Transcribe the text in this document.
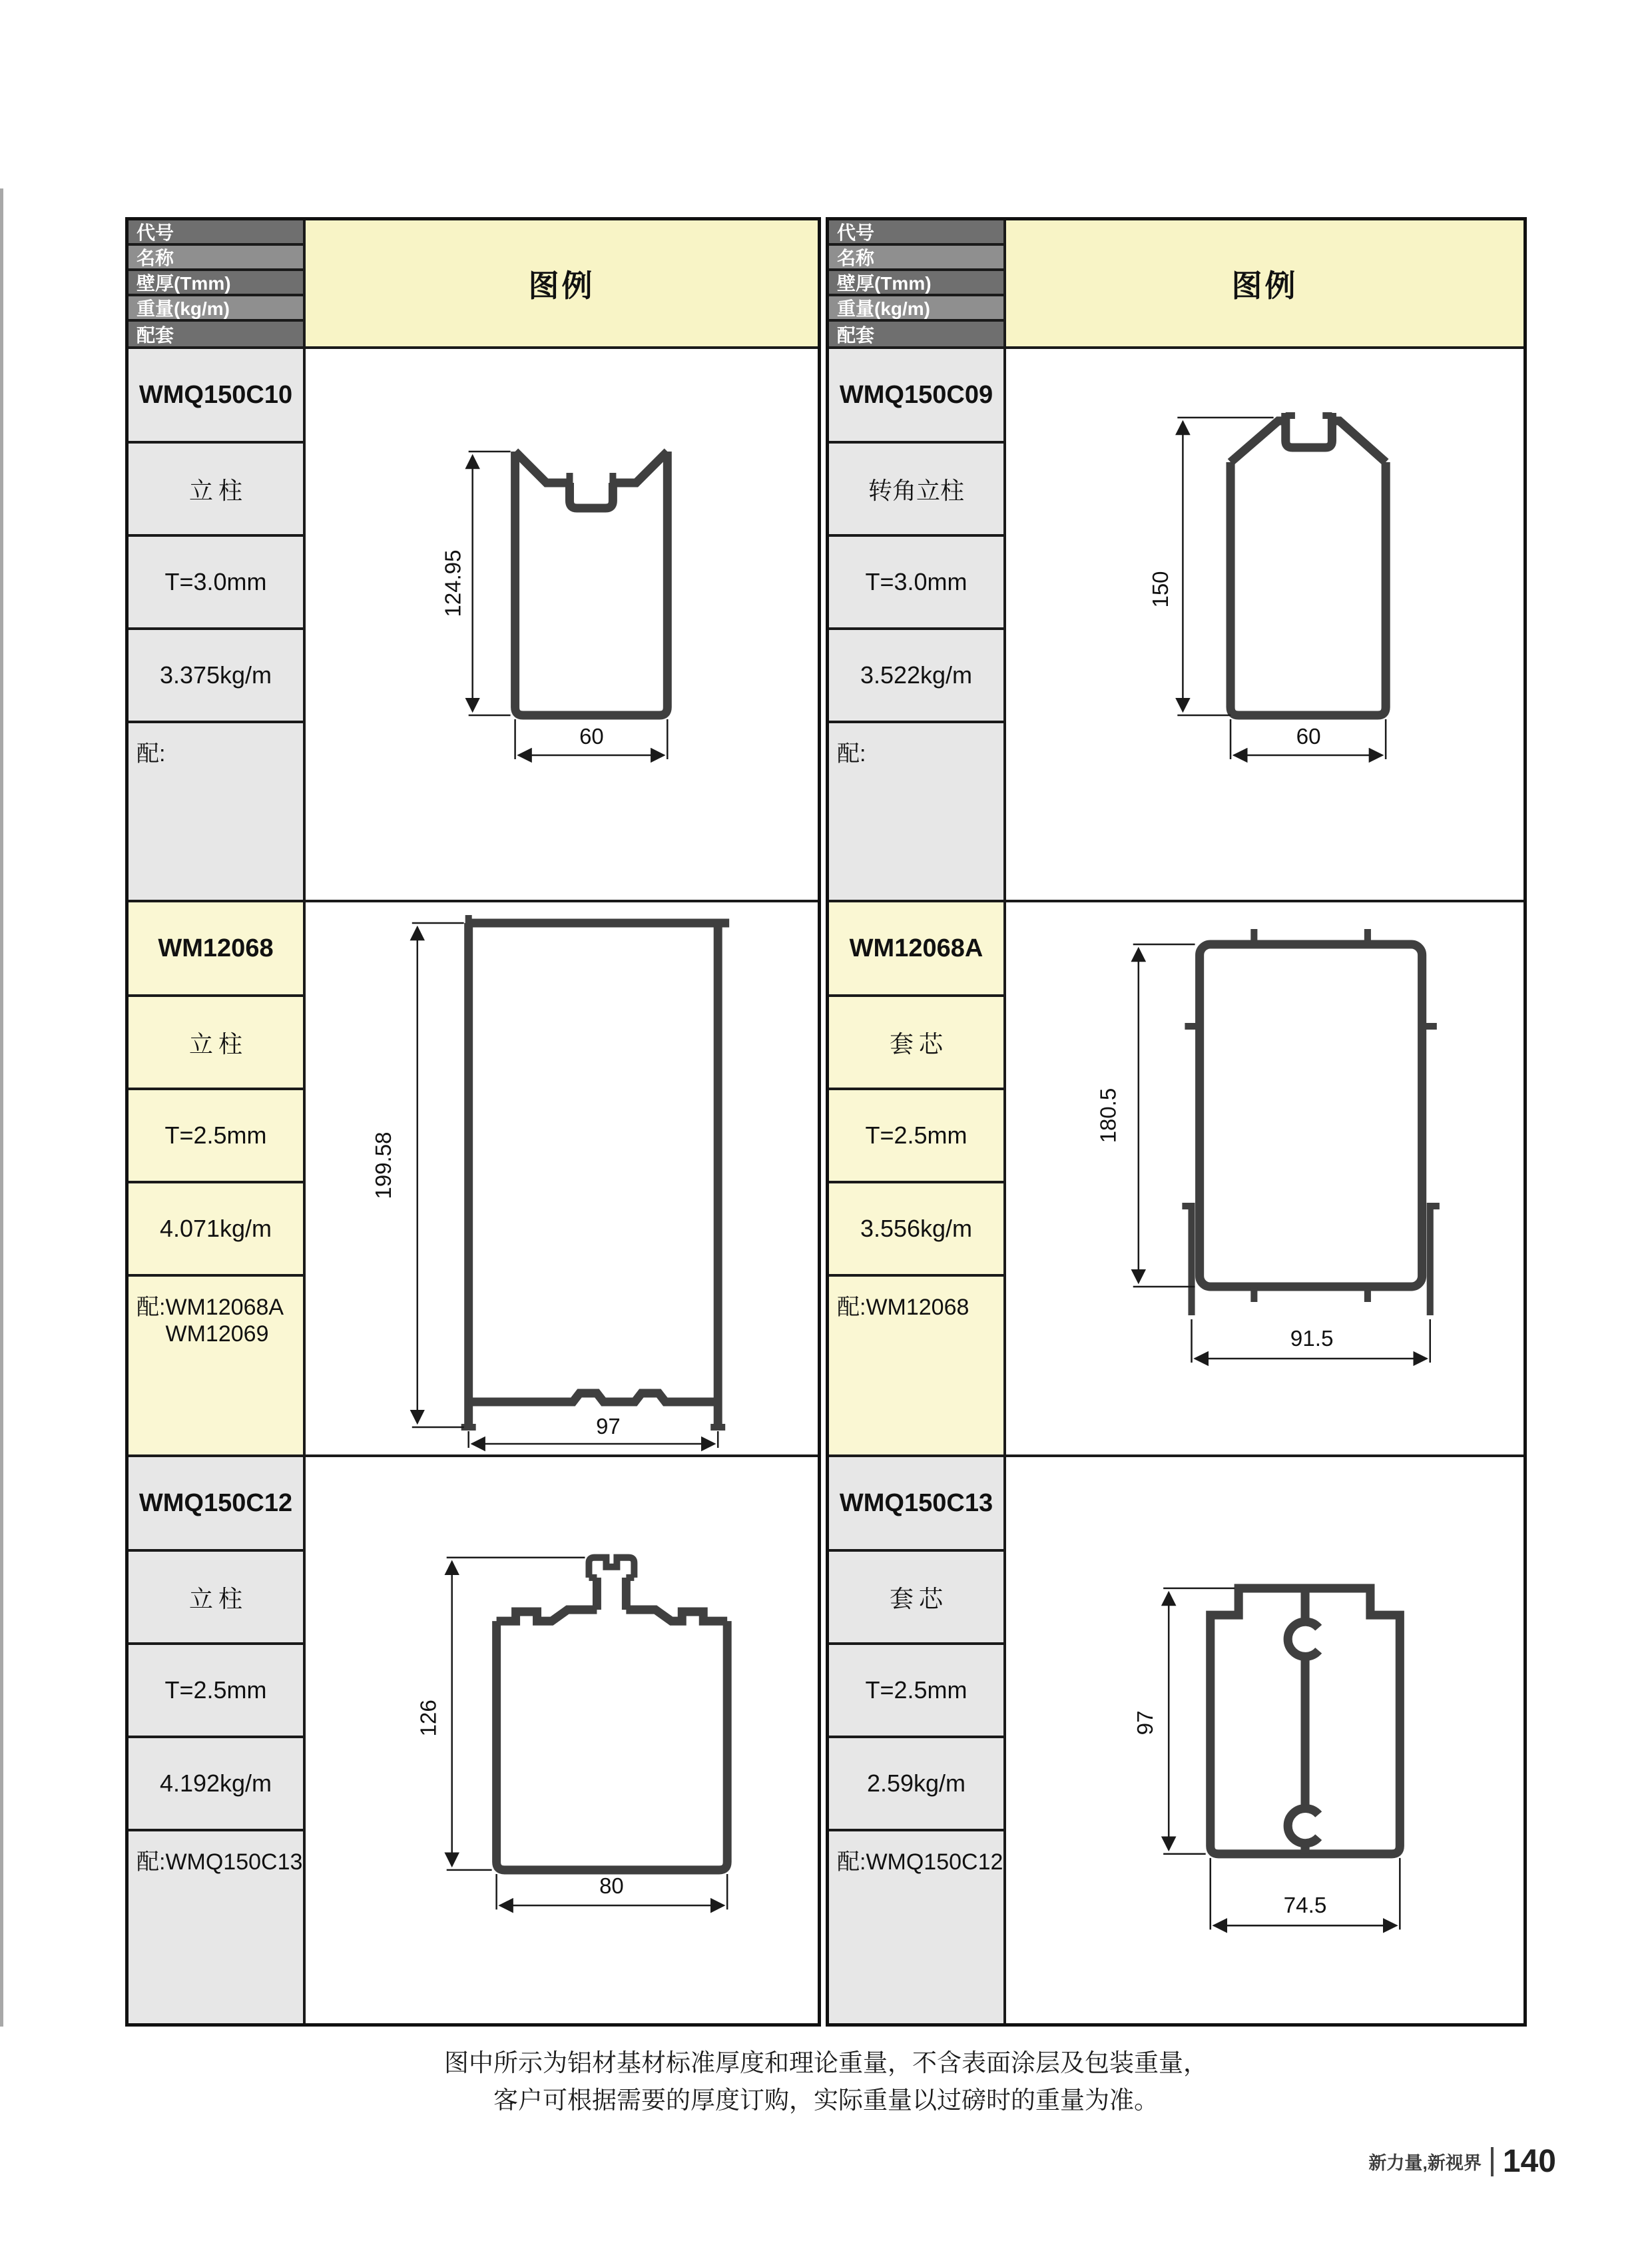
代号
名称
壁厚(Tmm)
重量(kg/m)
配套
图例
WMQ150C10
立柱
T=3.0mm
3.375kg/m
配:
124.95
60
WM12068
立柱
T=2.5mm
4.071kg/m
配:WM12068A
WM12069
199.58
97
WMQ150C12
立柱
T=2.5mm
4.192kg/m
配:WMQ150C13
126
80
代号
名称
壁厚(Tmm)
重量(kg/m)
配套
图例
WMQ150C09
转角立柱
T=3.0mm
3.522kg/m
配:
150
60
WM12068A
套芯
T=2.5mm
3.556kg/m
配:WM12068
180.5
91.5
WMQ150C13
套芯
T=2.5mm
2.59kg/m
配:WMQ150C12
97
74.5
图中所示为铝材基材标准厚度和理论重量，不含表面涂层及包装重量，
客户可根据需要的厚度订购，实际重量以过磅时的重量为准。
新力量,新视界 140
